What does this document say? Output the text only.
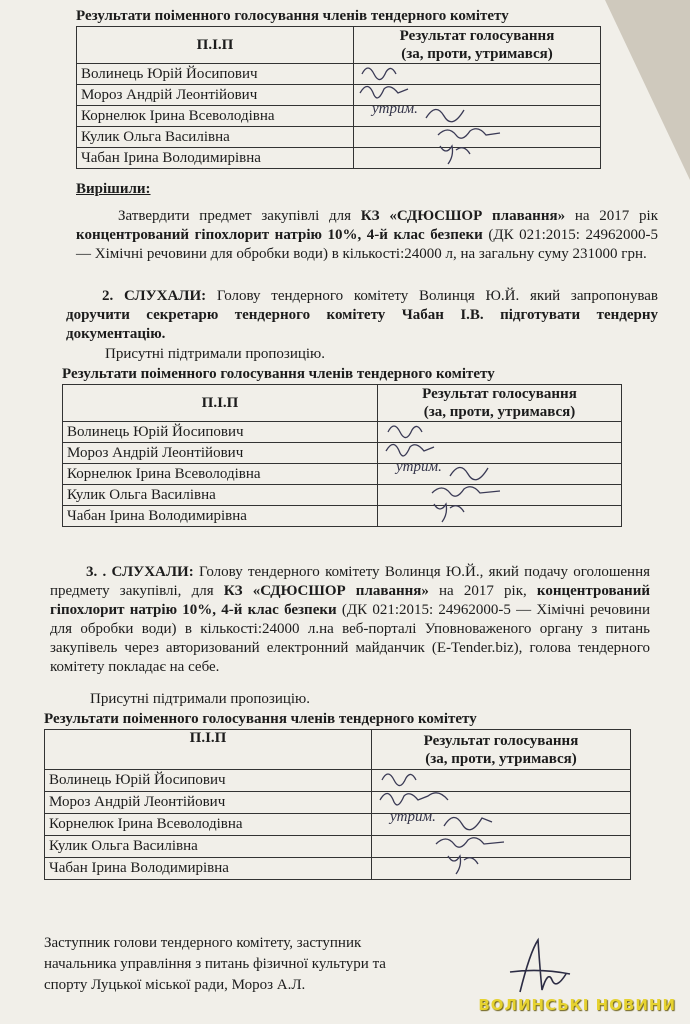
Результати поіменного голосування членів тендерного комітету
П.І.П	Результат голосування
(за, проти, утримався)

Волинець Юрій Йосипович	

Мороз Андрій Леонтійович	

Корнелюк Ірина Всеволодівна	утрим.

Кулик Ольга Василівна	

Чабан Ірина Володимирівна	
Вирішили:

Затвердити предмет закупівлі для КЗ «СДЮСШОР плавання» на 2017 рік концентрований гіпохлорит натрію 10%, 4-й клас безпеки (ДК 021:2015: 24962000-5 — Хімічні речовини для обробки води) в кількості:24000 л, на загальну суму 231000 грн.

2. СЛУХАЛИ: Голову тендерного комітету Волинця Ю.Й. який запропонував доручити секретарю тендерного комітету Чабан І.В. підготувати тендерну документацію.

Присутні підтримали пропозицію.
Результати поіменного голосування членів тендерного комітету
П.І.П	Результат голосування
(за, проти, утримався)

Волинець Юрій Йосипович	

Мороз Андрій Леонтійович	

Корнелюк Ірина Всеволодівна	утрим.

Кулик Ольга Василівна	

Чабан Ірина Володимирівна	

3. . СЛУХАЛИ: Голову тендерного комітету Волинця Ю.Й., який подачу оголошення предмету закупівлі, для КЗ «СДЮСШОР плавання» на 2017 рік, концентрований гіпохлорит натрію 10%, 4-й клас безпеки (ДК 021:2015: 24962000-5 — Хімічні речовини для обробки води) в кількості:24000 л.на веб-порталі Уповноваженого органу з питань закупівель через авторизований електронний майданчик (E-Tender.biz), голова тендерного комітету покладає на себе.

Присутні підтримали пропозицію.
Результати поіменного голосування членів тендерного комітету
П.І.П	Результат голосування
(за, проти, утримався)

Волинець Юрій Йосипович	

Мороз Андрій Леонтійович	

Корнелюк Ірина Всеволодівна	утрим.

Кулик Ольга Василівна	

Чабан Ірина Володимирівна	
Заступник голови тендерного комітету, заступник
начальника управління з питань фізичної культури та
спорту Луцької міської ради, Мороз А.Л.
ВОЛИНСЬКІ НОВИНИ
